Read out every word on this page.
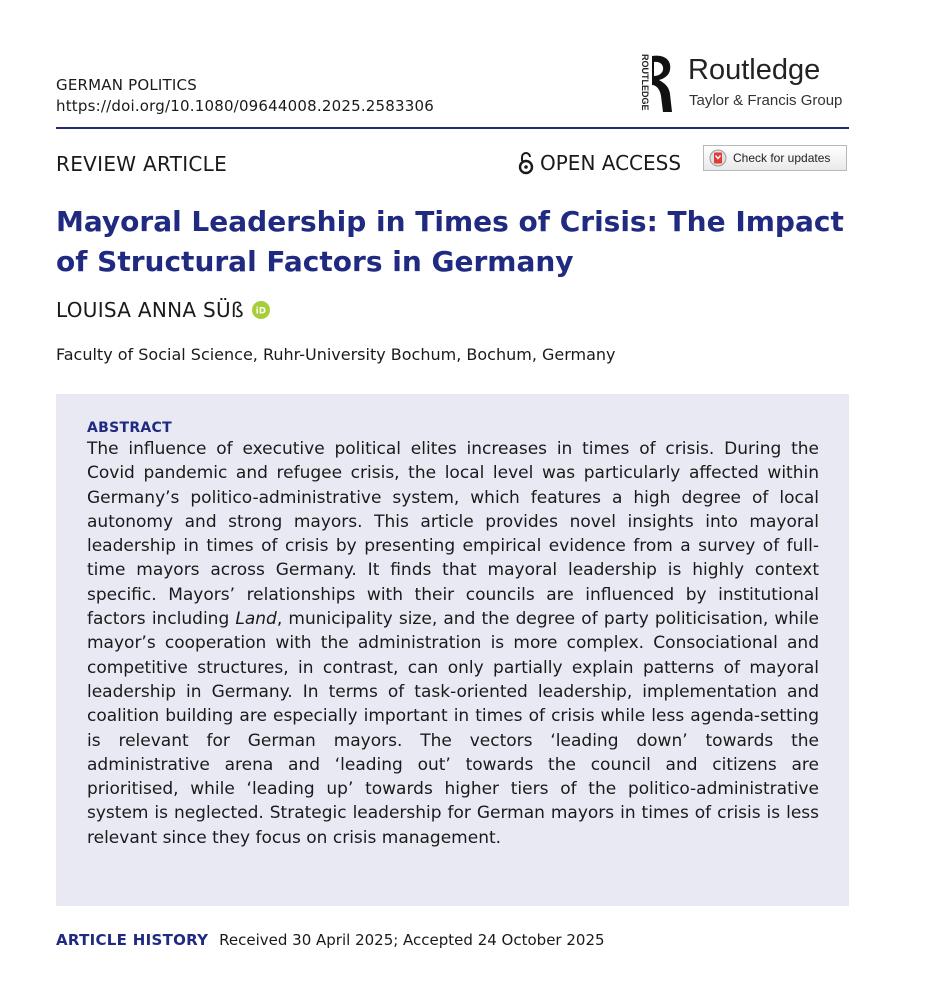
GERMAN POLITICS
https://doi.org/10.1080/09644008.2025.2583306	ROUTLEDGE Routledge
Taylor & Francis Group
REVIEW ARTICLE	OPEN ACCESS	Check for updates
Mayoral Leadership in Times of Crisis: The Impact of Structural Factors in Germany
LOUISA ANNA SÜß iD
Faculty of Social Science, Ruhr-University Bochum, Bochum, Germany
ABSTRACT

The influence of executive political elites increases in times of crisis. During the Covid pandemic and refugee crisis, the local level was particularly affected within Germany’s politico-administrative system, which features a high degree of local autonomy and strong mayors. This article provides novel insights into mayoral leadership in times of crisis by presenting empirical evidence from a survey of full-time mayors across Germany. It finds that mayoral leadership is highly context specific. Mayors’ relationships with their councils are influenced by institutional factors including Land, municipality size, and the degree of party politicisation, while mayor’s cooperation with the administration is more complex. Consociational and competitive structures, in contrast, can only partially explain patterns of mayoral leadership in Germany. In terms of task-oriented leadership, implementation and coalition building are especially important in times of crisis while less agenda-setting is relevant for German mayors. The vectors ‘leading down’ towards the administrative arena and ‘leading out’ towards the council and citizens are prioritised, while ‘leading up’ towards higher tiers of the politico-administrative system is neglected. Strategic leadership for German mayors in times of crisis is less relevant since they focus on crisis management.

ARTICLE HISTORY Received 30 April 2025; Accepted 24 October 2025
